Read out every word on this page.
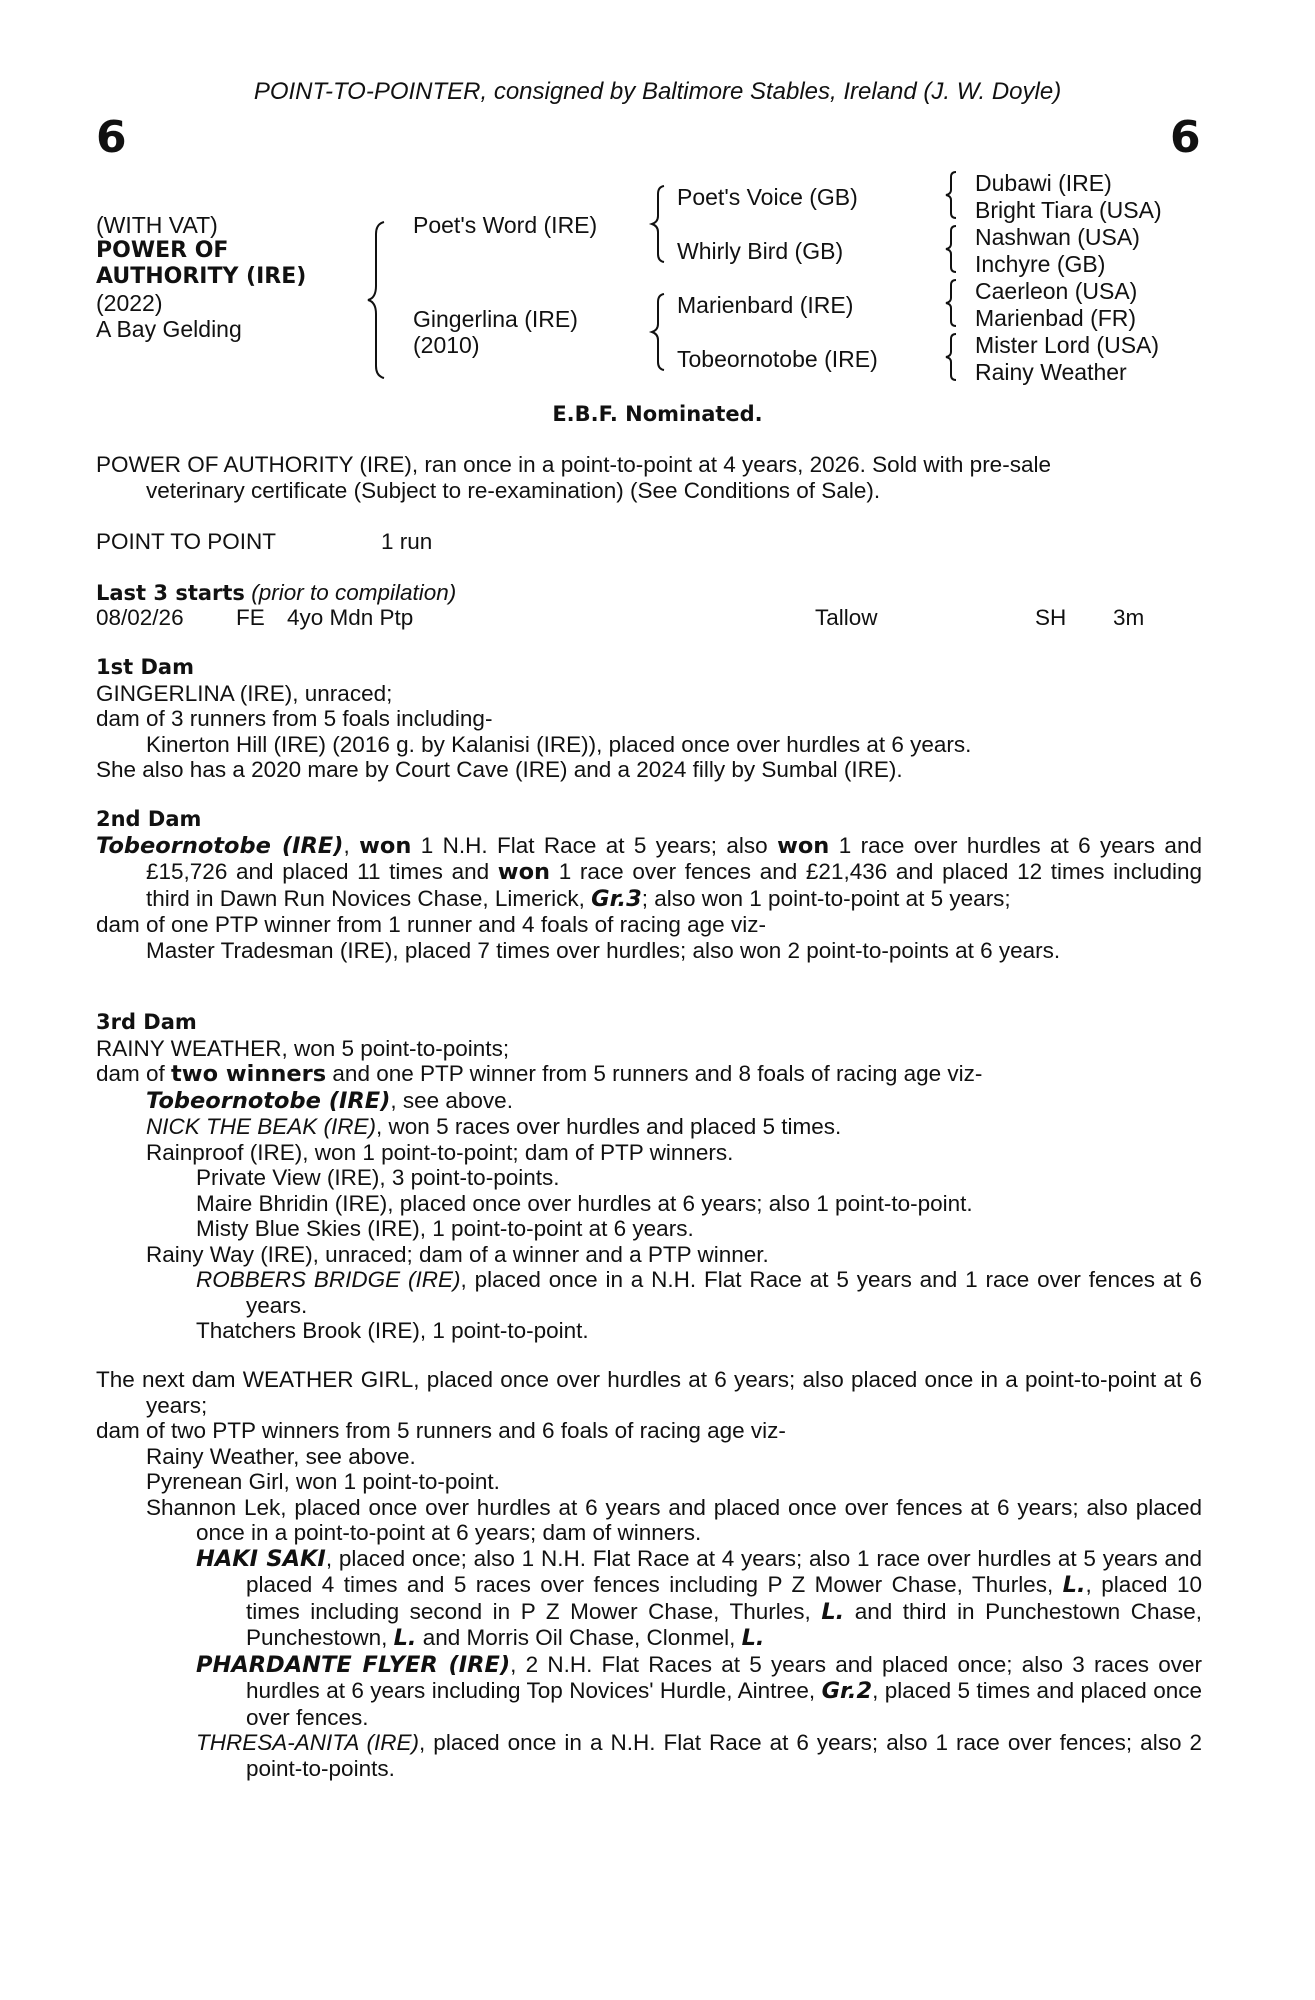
POINT-TO-POINTER, consigned by Baltimore Stables, Ireland (J. W. Doyle)
6	6
(WITH VAT)
POWER OF
AUTHORITY (IRE)
(2022)
A Bay Gelding
Poet's Word (IRE)
Gingerlina (IRE)
(2010)
Poet's Voice (GB)
Whirly Bird (GB)
Marienbard (IRE)
Tobeornotobe (IRE)
Dubawi (IRE)
Bright Tiara (USA)
Nashwan (USA)
Inchyre (GB)
Caerleon (USA)
Marienbad (FR)
Mister Lord (USA)
Rainy Weather
E.B.F. Nominated.
POWER OF AUTHORITY (IRE), ran once in a point-to-point at 4 years, 2026. Sold with pre-sale
veterinary certificate (Subject to re-examination) (See Conditions of Sale).
POINT TO POINT	1 run
Last 3 starts (prior to compilation)
08/02/26 FE 4yo Mdn Ptp	Tallow	SH 3m

1st Dam

GINGERLINA (IRE), unraced;

dam of 3 runners from 5 foals including-

Kinerton Hill (IRE) (2016 g. by Kalanisi (IRE)), placed once over hurdles at 6 years.

She also has a 2020 mare by Court Cave (IRE) and a 2024 filly by Sumbal (IRE).

2nd Dam

Tobeornotobe (IRE), won 1 N.H. Flat Race at 5 years; also won 1 race over hurdles at 6 years and £15,726 and placed 11 times and won 1 race over fences and £21,436 and placed 12 times including third in Dawn Run Novices Chase, Limerick, Gr.3; also won 1 point-to-point at 5 years;

dam of one PTP winner from 1 runner and 4 foals of racing age viz-

Master Tradesman (IRE), placed 7 times over hurdles; also won 2 point-to-points at 6 years.

3rd Dam

RAINY WEATHER, won 5 point-to-points;

dam of two winners and one PTP winner from 5 runners and 8 foals of racing age viz-

Tobeornotobe (IRE), see above.

NICK THE BEAK (IRE), won 5 races over hurdles and placed 5 times.

Rainproof (IRE), won 1 point-to-point; dam of PTP winners.

Private View (IRE), 3 point-to-points.

Maire Bhridin (IRE), placed once over hurdles at 6 years; also 1 point-to-point.

Misty Blue Skies (IRE), 1 point-to-point at 6 years.

Rainy Way (IRE), unraced; dam of a winner and a PTP winner.

ROBBERS BRIDGE (IRE), placed once in a N.H. Flat Race at 5 years and 1 race over fences at 6 years.

Thatchers Brook (IRE), 1 point-to-point.

The next dam WEATHER GIRL, placed once over hurdles at 6 years; also placed once in a point-to-point at 6 years;

dam of two PTP winners from 5 runners and 6 foals of racing age viz-

Rainy Weather, see above.

Pyrenean Girl, won 1 point-to-point.

Shannon Lek, placed once over hurdles at 6 years and placed once over fences at 6 years; also placed once in a point-to-point at 6 years; dam of winners.

HAKI SAKI, placed once; also 1 N.H. Flat Race at 4 years; also 1 race over hurdles at 5 years and placed 4 times and 5 races over fences including P Z Mower Chase, Thurles, L., placed 10 times including second in P Z Mower Chase, Thurles, L. and third in Punchestown Chase, Punchestown, L. and Morris Oil Chase, Clonmel, L.

PHARDANTE FLYER (IRE), 2 N.H. Flat Races at 5 years and placed once; also 3 races over hurdles at 6 years including Top Novices' Hurdle, Aintree, Gr.2, placed 5 times and placed once over fences.

THRESA-ANITA (IRE), placed once in a N.H. Flat Race at 6 years; also 1 race over fences; also 2 point-to-points.
